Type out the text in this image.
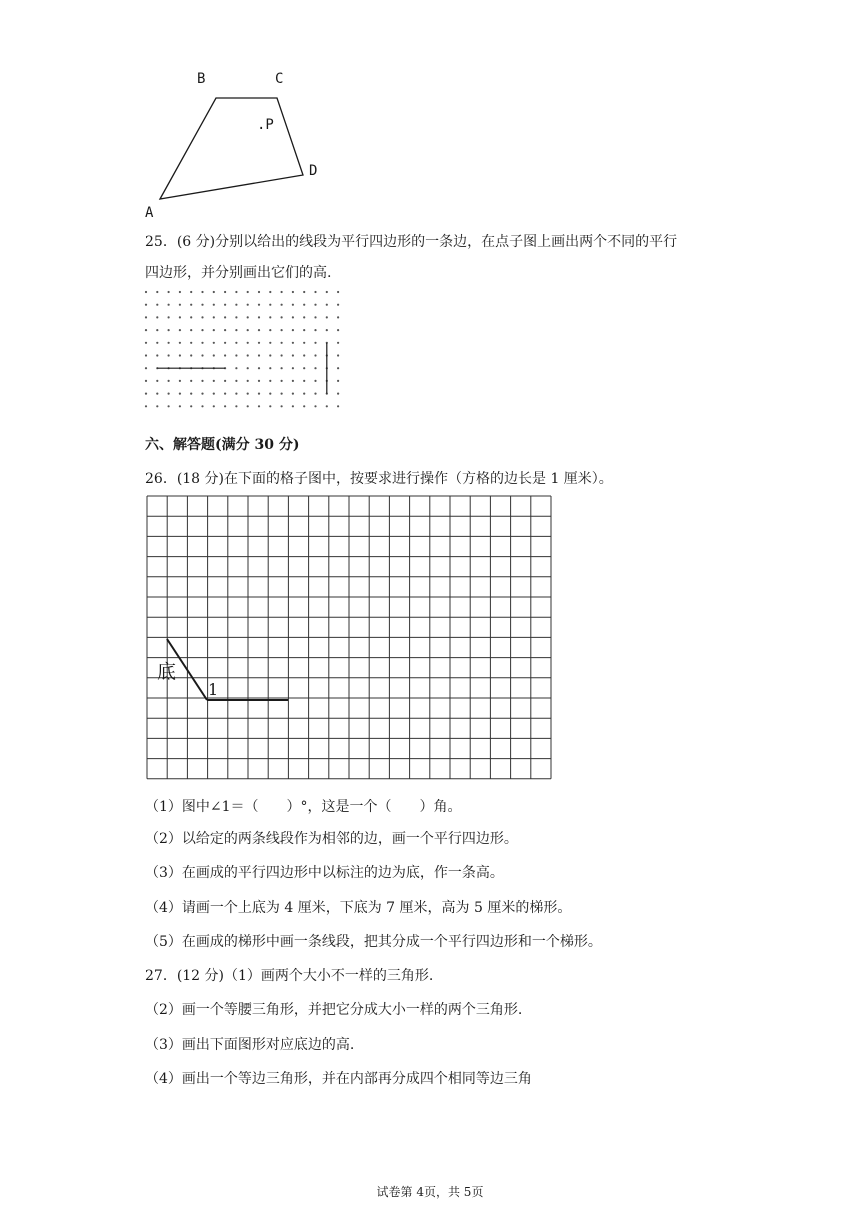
B	C
.P
D
A
25．(6 分)分别以给出的线段为平行四边形的一条边，在点子图上画出两个不同的平行
四边形，并分别画出它们的高.
六、解答题(满分 30 分)
26．(18 分)在下面的格子图中，按要求进行操作（方格的边长是 1 厘米）。
底
1
（1）图中∠1＝（　　）°，这是一个（　　）角。
（2）以给定的两条线段作为相邻的边，画一个平行四边形。
（3）在画成的平行四边形中以标注的边为底，作一条高。
（4）请画一个上底为 4 厘米，下底为 7 厘米，高为 5 厘米的梯形。
（5）在画成的梯形中画一条线段，把其分成一个平行四边形和一个梯形。
27．(12 分)（1）画两个大小不一样的三角形.
（2）画一个等腰三角形，并把它分成大小一样的两个三角形.
（3）画出下面图形对应底边的高.
（4）画出一个等边三角形，并在内部再分成四个相同等边三角
试卷第 4页，共 5页
